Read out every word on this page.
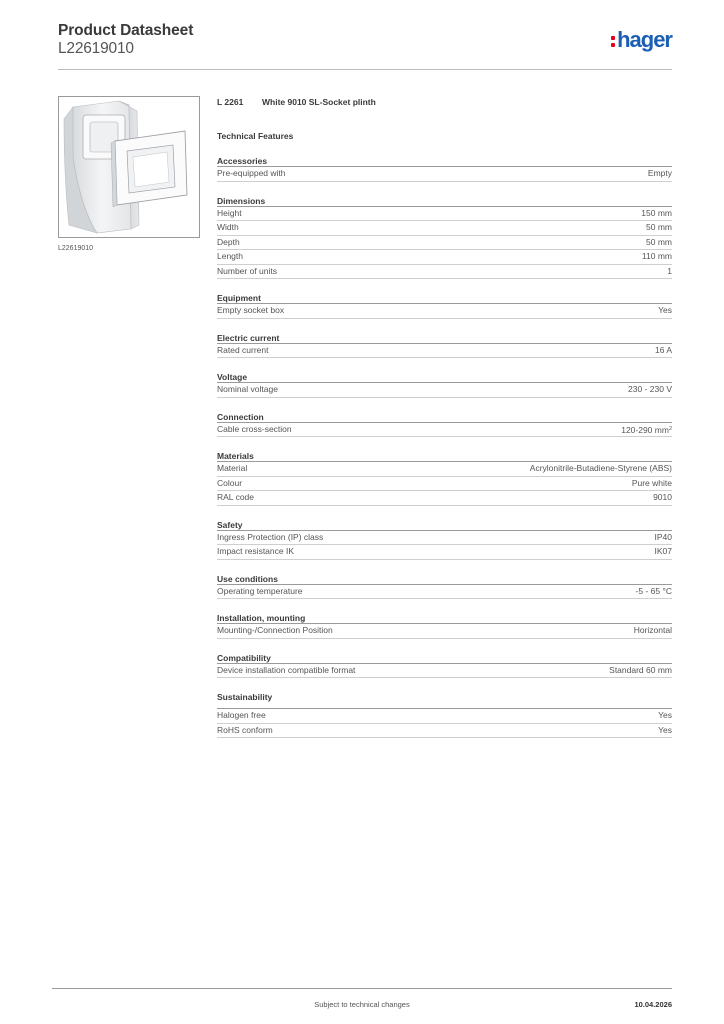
Product Datasheet
L22619010	hager
L22619010
L 2261 White 9010 SL-Socket plinth
Technical Features
Accessories
Pre-equipped with	Empty
Dimensions
Height	150 mm
Width	50 mm
Depth	50 mm
Length	110 mm
Number of units	1
Equipment
Empty socket box	Yes
Electric current
Rated current	16 A
Voltage
Nominal voltage	230 - 230 V
Connection
Cable cross-section	120-290 $mm^2$
Materials
Material	Acrylonitrile-Butadiene-Styrene (ABS)
Colour	Pure white
RAL code	9010
Safety
Ingress Protection (IP) class	IP40
Impact resistance IK	IK07
Use conditions
Operating temperature	-5 - 65 °C
Installation, mounting
Mounting-/Connection Position	Horizontal
Compatibility
Device installation compatible format	Standard 60 mm
Sustainability
Halogen free	Yes
RoHS conform	Yes
Subject to technical changes	10.04.2026
